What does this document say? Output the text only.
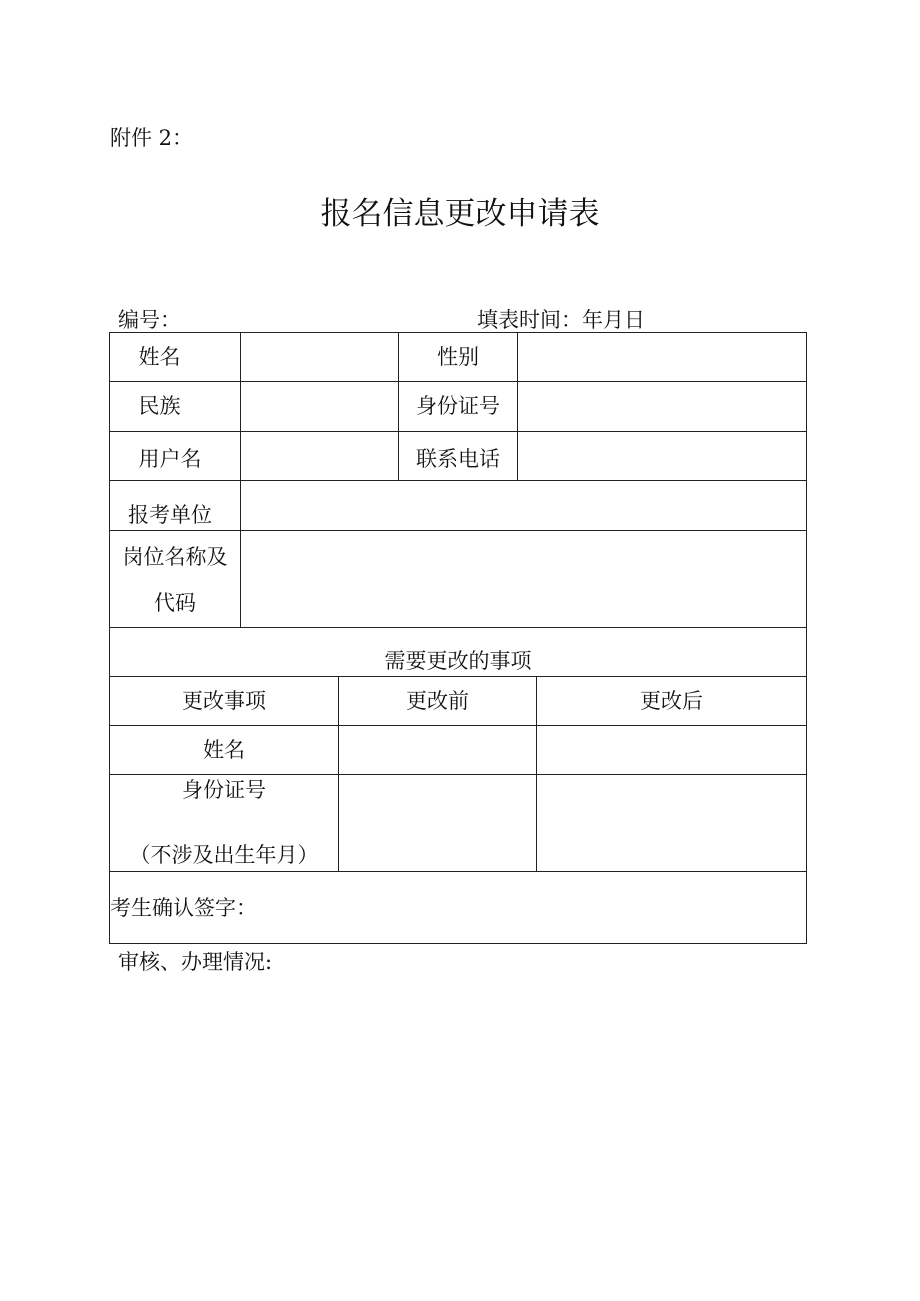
附件 2：
报名信息更改申请表
编号：	填表时间：年月日
姓名	性别
民族	身份证号
用户名	联系电话
报考单位
岗位名称及
代码
需要更改的事项
更改事项	更改前	更改后
姓名
身份证号
（不涉及出生年月）
考生确认签字：
审核、办理情况:
